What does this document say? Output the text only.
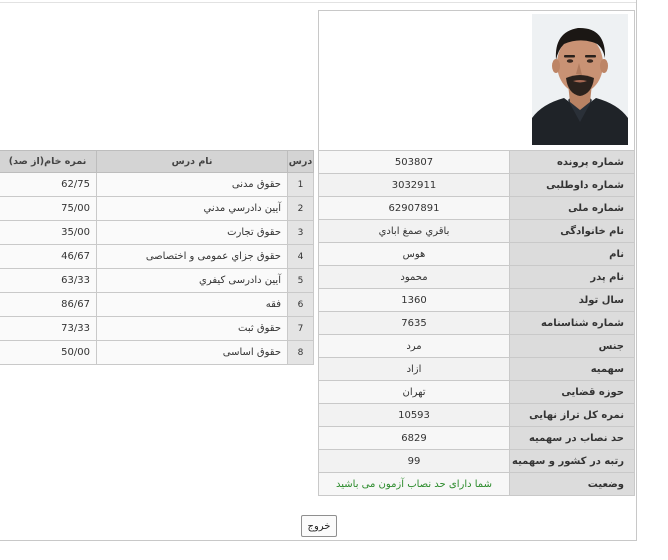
شماره پرونده	503807
شماره داوطلبی	3032911
شماره ملی	62907891
نام خانوادگی	باقري صمغ ابادي
نام	هوس
نام پدر	محمود
سال تولد	1360
شماره شناسنامه	7635
جنس	مرد
سهمیه	ازاد
حوزه قضایی	تهران
نمره کل تراز نهایی	10593
حد نصاب در سهمیه	6829
رتبه در کشور و سهمیه	99
وضعیت	شما دارای حد نصاب آزمون می باشید
درس	نام درس	نمره خام(از صد)
1	حقوق مدنی	62/75
2	آيين دادرسي مدني	75/00
3	حقوق تجارت	35/00
4	حقوق جزاي عمومی و اختصاصی	46/67
5	آيين دادرسی كيفري	63/33
6	فقه	86/67
7	حقوق ثبت	73/33
8	حقوق اساسی	50/00
خروج
